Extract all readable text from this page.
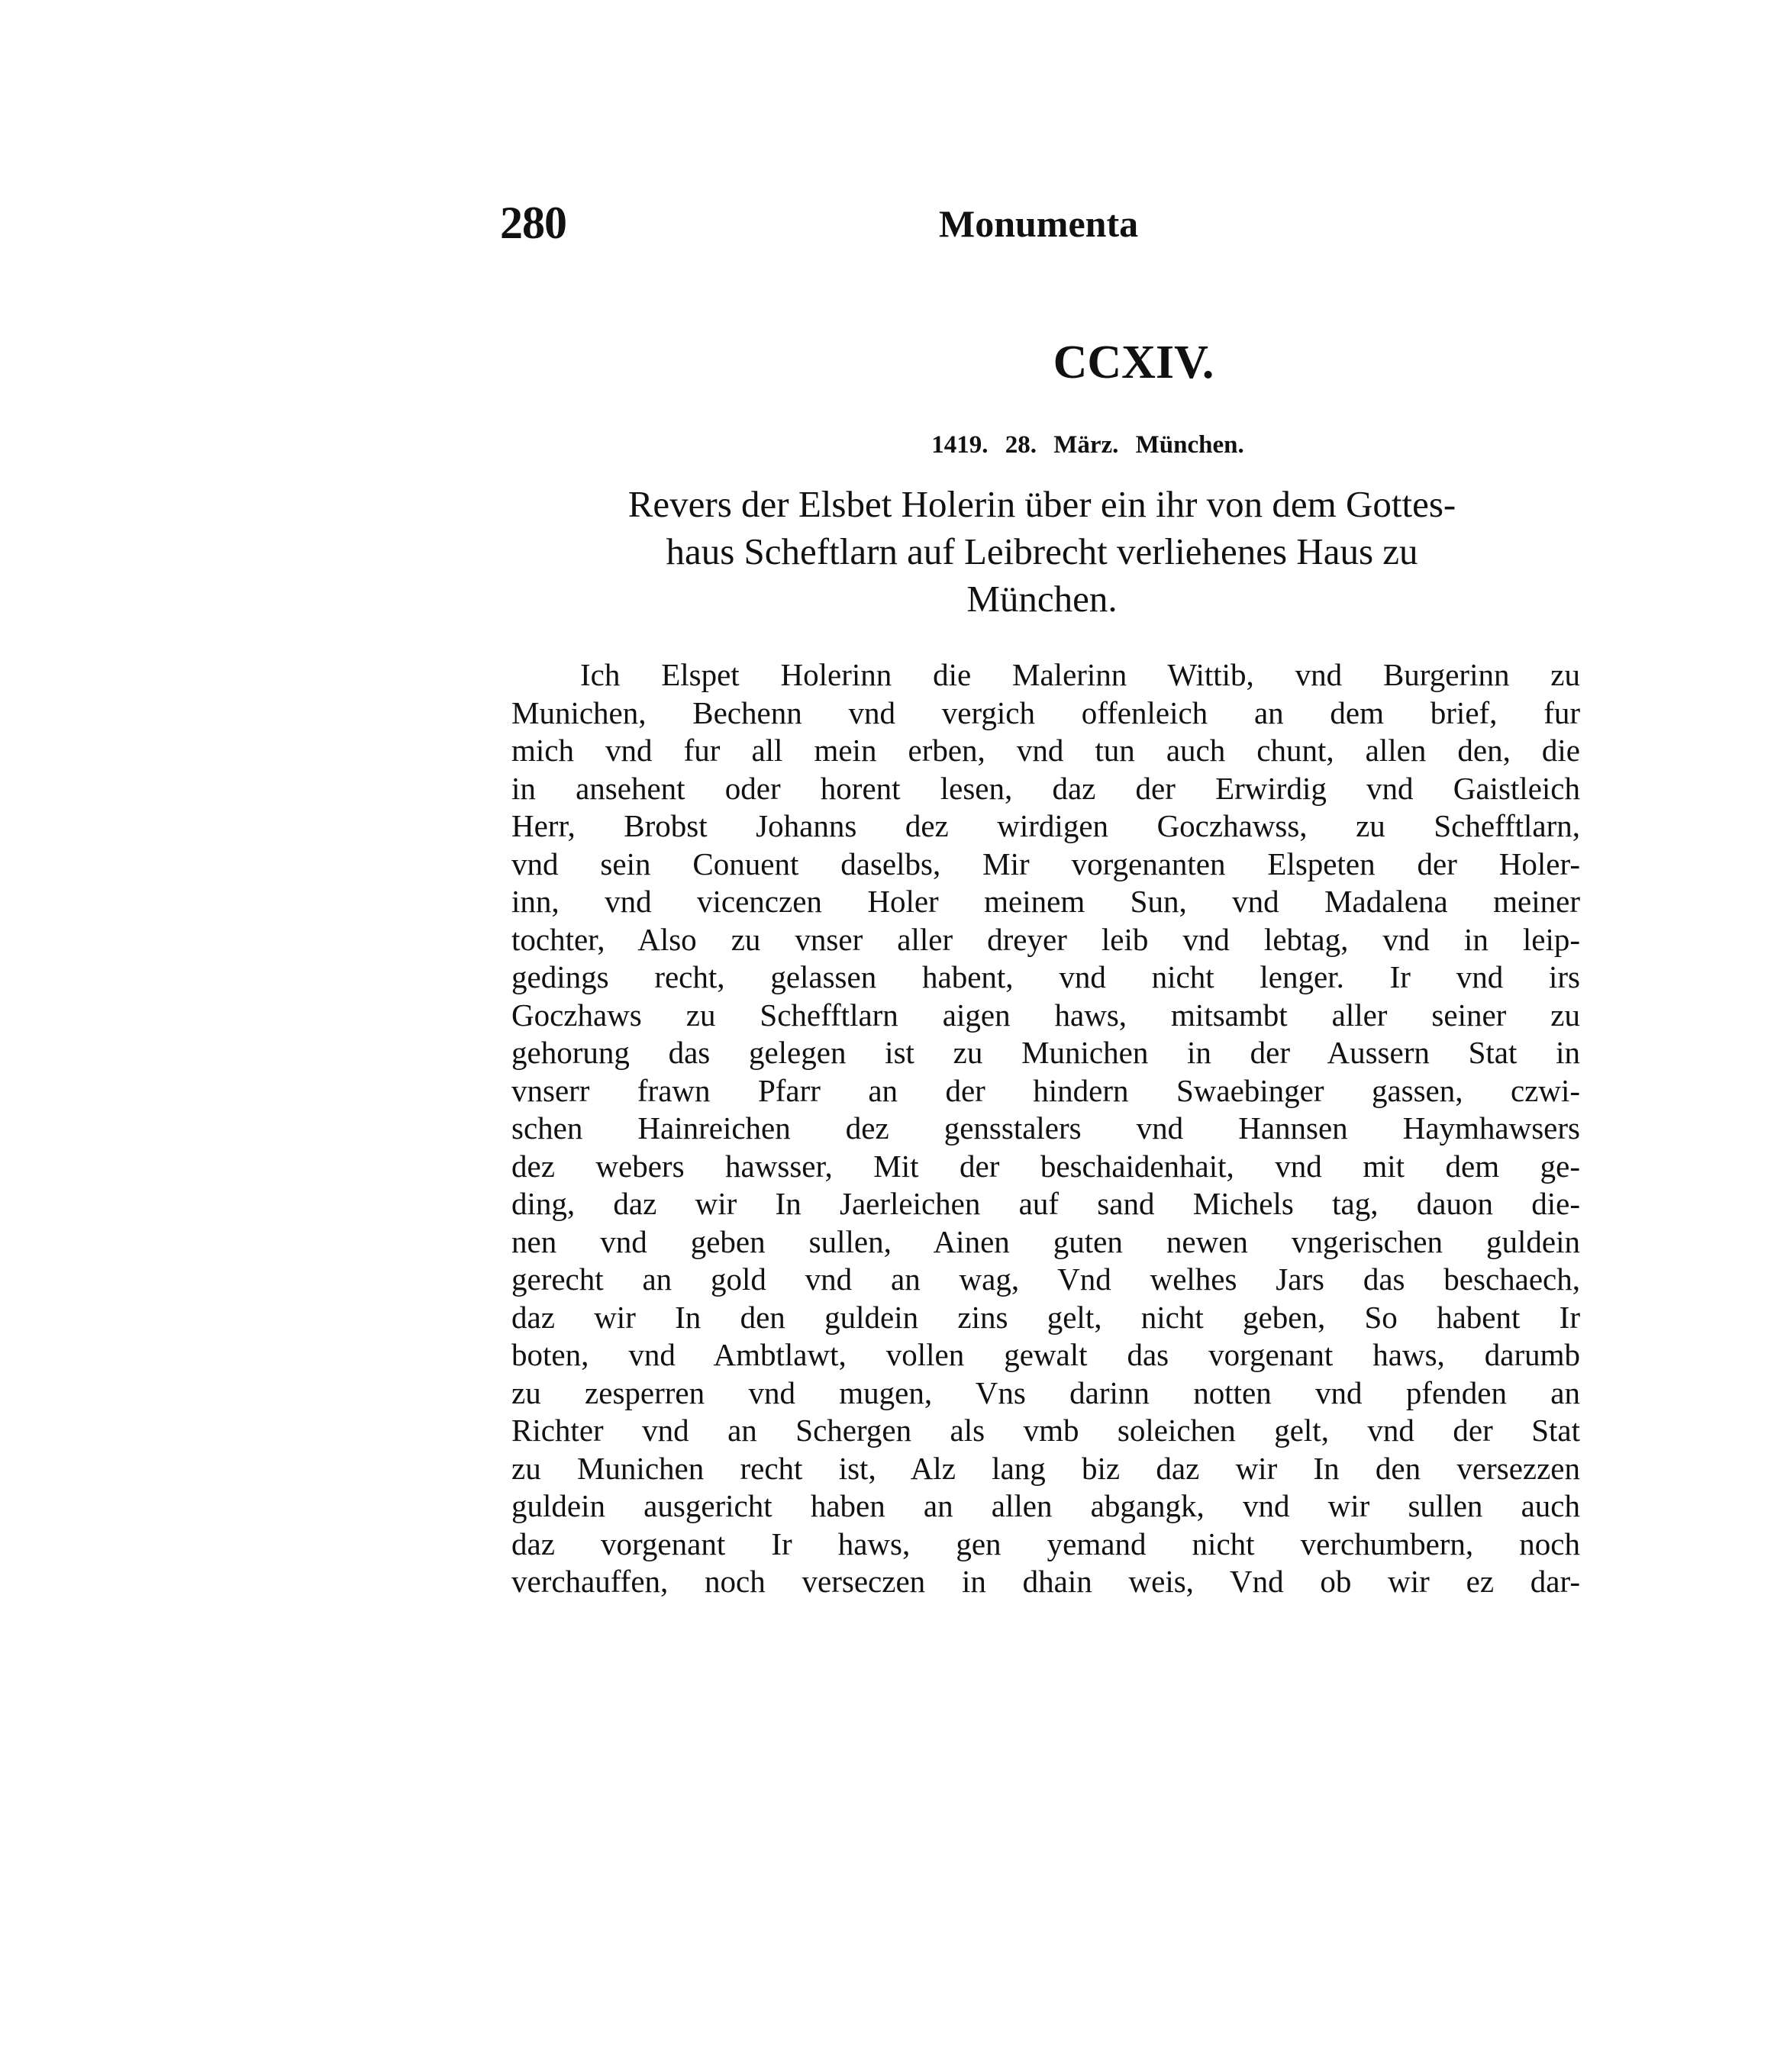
280	Monumenta
CCXIV.
1419. 28. März. München.
Revers der Elsbet Holerin über ein ihr von dem Gottes-
haus Scheftlarn auf Leibrecht verliehenes Haus zu
München.
Ich Elspet Holerinn die Malerinn Wittib, vnd Burgerinn zu
Munichen, Bechenn vnd vergich offenleich an dem brief, fur
mich vnd fur all mein erben, vnd tun auch chunt, allen den, die
in ansehent oder horent lesen, daz der Erwirdig vnd Gaistleich
Herr, Brobst Johanns dez wirdigen Goczhawss, zu Schefftlarn,
vnd sein Conuent daselbs, Mir vorgenanten Elspeten der Holer-
inn, vnd vicenczen Holer meinem Sun, vnd Madalena meiner
tochter, Also zu vnser aller dreyer leib vnd lebtag, vnd in leip-
gedings recht, gelassen habent, vnd nicht lenger. Ir vnd irs
Goczhaws zu Schefftlarn aigen haws, mitsambt aller seiner zu
gehorung das gelegen ist zu Munichen in der Aussern Stat in
vnserr frawn Pfarr an der hindern Swaebinger gassen, czwi-
schen Hainreichen dez gensstalers vnd Hannsen Haymhawsers
dez webers hawsser, Mit der beschaidenhait, vnd mit dem ge-
ding, daz wir In Jaerleichen auf sand Michels tag, dauon die-
nen vnd geben sullen, Ainen guten newen vngerischen guldein
gerecht an gold vnd an wag, Vnd welhes Jars das beschaech,
daz wir In den guldein zins gelt, nicht geben, So habent Ir
boten, vnd Ambtlawt, vollen gewalt das vorgenant haws, darumb
zu zesperren vnd mugen, Vns darinn notten vnd pfenden an
Richter vnd an Schergen als vmb soleichen gelt, vnd der Stat
zu Munichen recht ist, Alz lang biz daz wir In den versezzen
guldein ausgericht haben an allen abgangk, vnd wir sullen auch
daz vorgenant Ir haws, gen yemand nicht verchumbern, noch
verchauffen, noch verseczen in dhain weis, Vnd ob wir ez dar-
